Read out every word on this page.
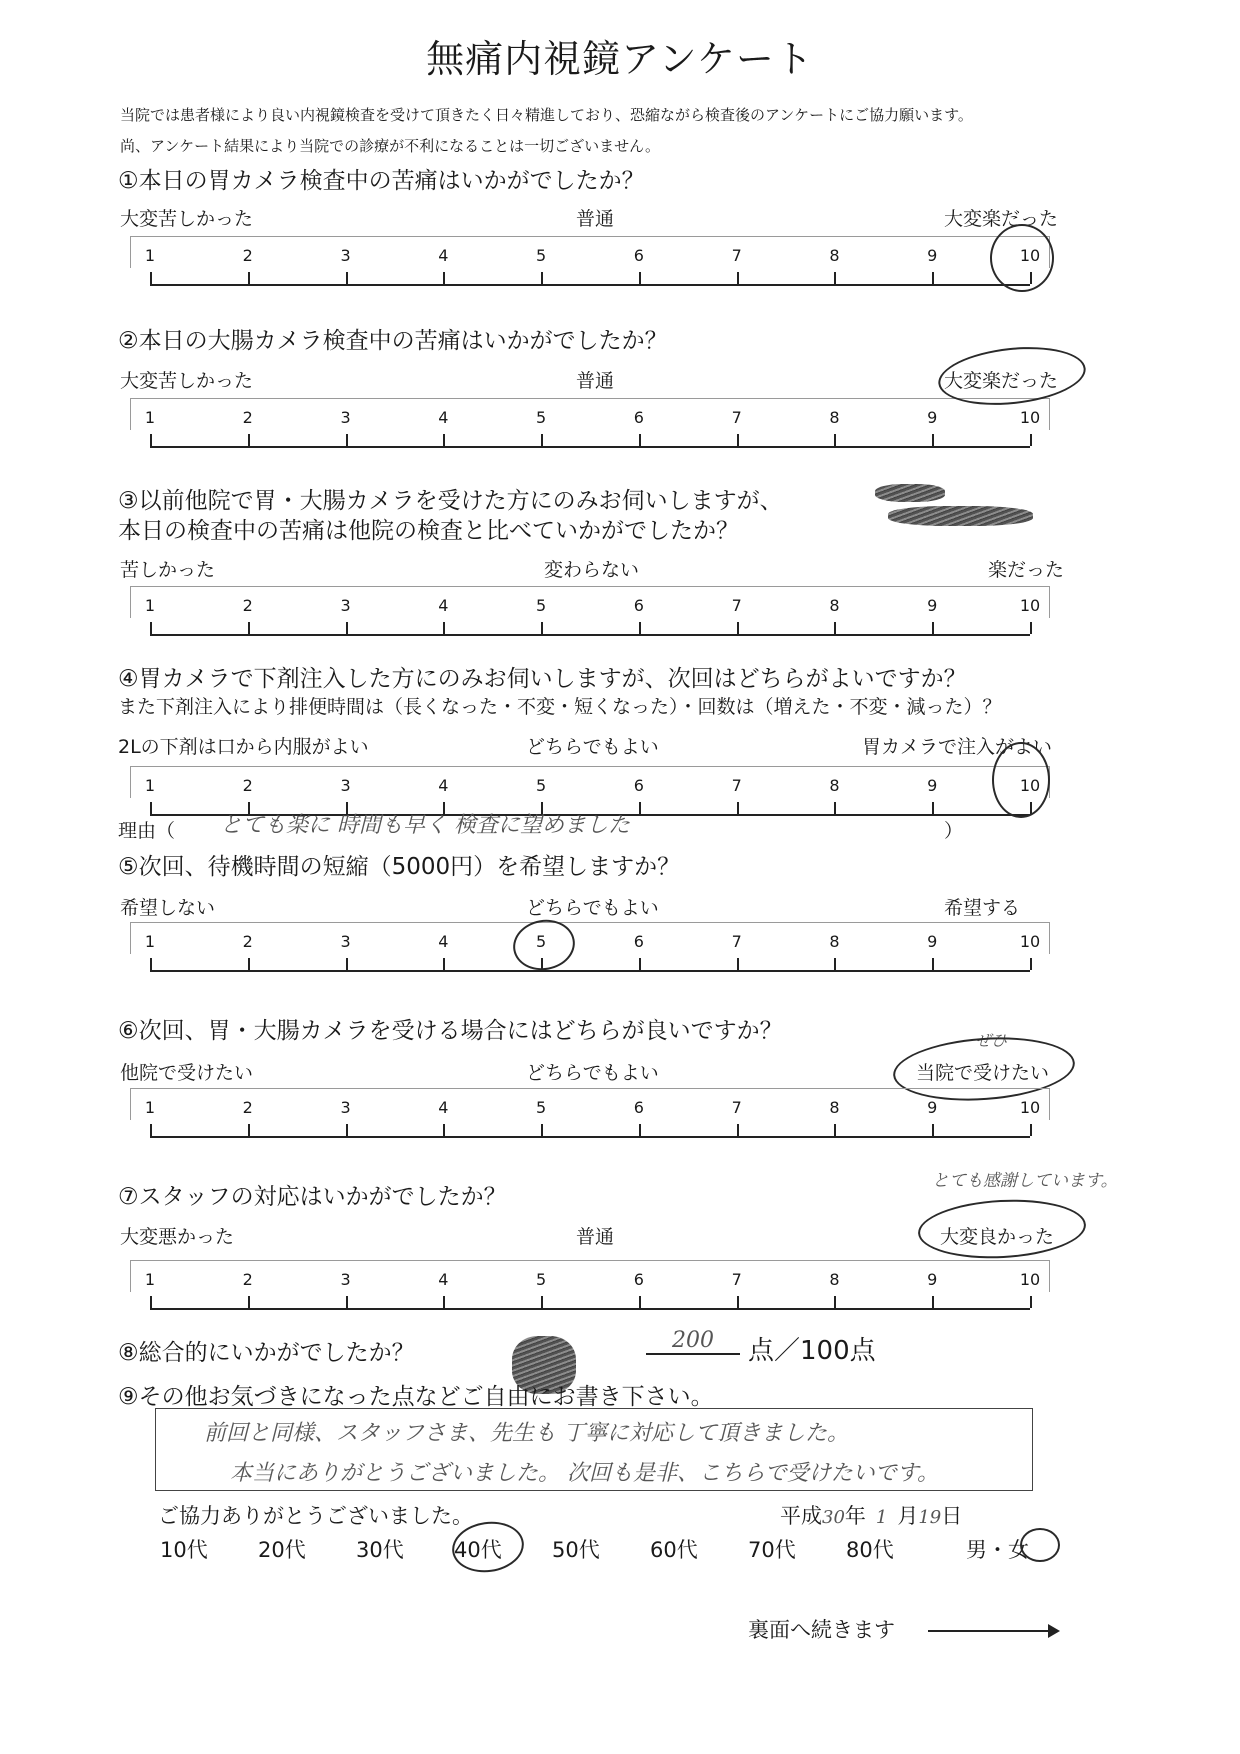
無痛内視鏡アンケート
当院では患者様により良い内視鏡検査を受けて頂きたく日々精進しており、恐縮ながら検査後のアンケートにご協力願います。
尚、アンケート結果により当院での診療が不利になることは一切ございません。
①本日の胃カメラ検査中の苦痛はいかがでしたか？
大変苦しかった	普通	大変楽だった
1	2	3	4	5	6	7	8	9	10
②本日の大腸カメラ検査中の苦痛はいかがでしたか？
大変苦しかった	普通	大変楽だった
1	2	3	4	5	6	7	8	9	10
③以前他院で胃・大腸カメラを受けた方にのみお伺いしますが、
本日の検査中の苦痛は他院の検査と比べていかがでしたか？
苦しかった	変わらない	楽だった
1	2	3	4	5	6	7	8	9	10
④胃カメラで下剤注入した方にのみお伺いしますが、次回はどちらがよいですか？
また下剤注入により排便時間は（長くなった・不変・短くなった）・回数は（増えた・不変・減った）？
2Lの下剤は口から内服がよい	どちらでもよい	胃カメラで注入がよい
1	2	3	4	5	6	7	8	9	10
理由（ とても楽に 時間も早く 検査に望めました	）
⑤次回、待機時間の短縮（5000円）を希望しますか？
希望しない	どちらでもよい	希望する
1	2	3	4	5	6	7	8	9	10
⑥次回、胃・大腸カメラを受ける場合にはどちらが良いですか？	ぜひ
他院で受けたい	どちらでもよい	当院で受けたい
1	2	3	4	5	6	7	8	9	10
⑦スタッフの対応はいかがでしたか？
とても感謝しています。
大変悪かった	普通	大変良かった
1	2	3	4	5	6	7	8	9	10
⑧総合的にいかがでしたか？	200	点／100点
⑨その他お気づきになった点などご自由にお書き下さい。
前回と同様、スタッフさま、先生も 丁寧に対応して頂きました。
本当にありがとうございました。 次回も是非、こちらで受けたいです。
ご協力ありがとうございました。	平成30年 1 月19日
10代 20代 30代 40代 50代 60代 70代 80代	男・女
裏面へ続きます
